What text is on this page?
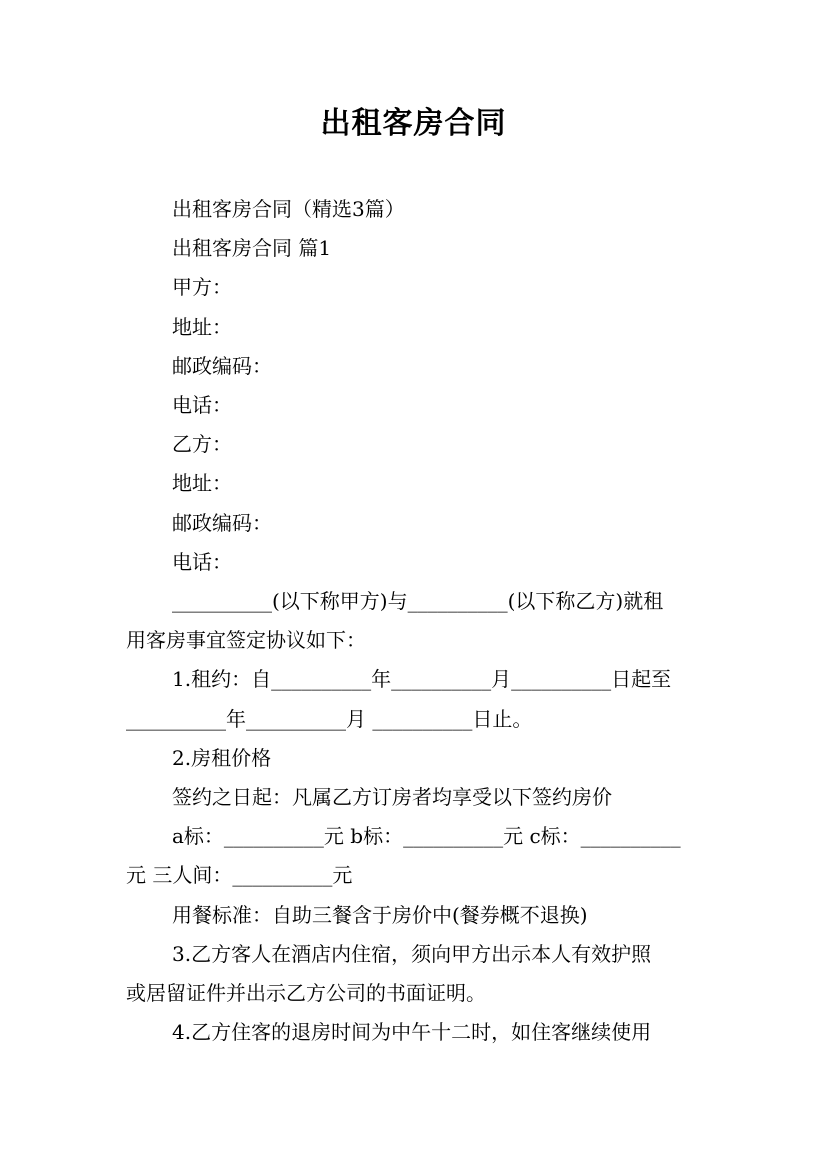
出租客房合同

出租客房合同（精选3篇）

出租客房合同 篇1

甲方：

地址：

邮政编码：

电话：

乙方：

地址：

邮政编码：

电话：

__________(以下称甲方)与__________(以下称乙方)就租

用客房事宜签定协议如下：

1.租约：自__________年__________月__________日起至

__________年__________月 __________日止。

2.房租价格

签约之日起：凡属乙方订房者均享受以下签约房价

a标：__________元 b标：__________元 c标：__________

元 三人间：__________元

用餐标准：自助三餐含于房价中(餐券概不退换)

3.乙方客人在酒店内住宿，须向甲方出示本人有效护照

或居留证件并出示乙方公司的书面证明。

4.乙方住客的退房时间为中午十二时，如住客继续使用
